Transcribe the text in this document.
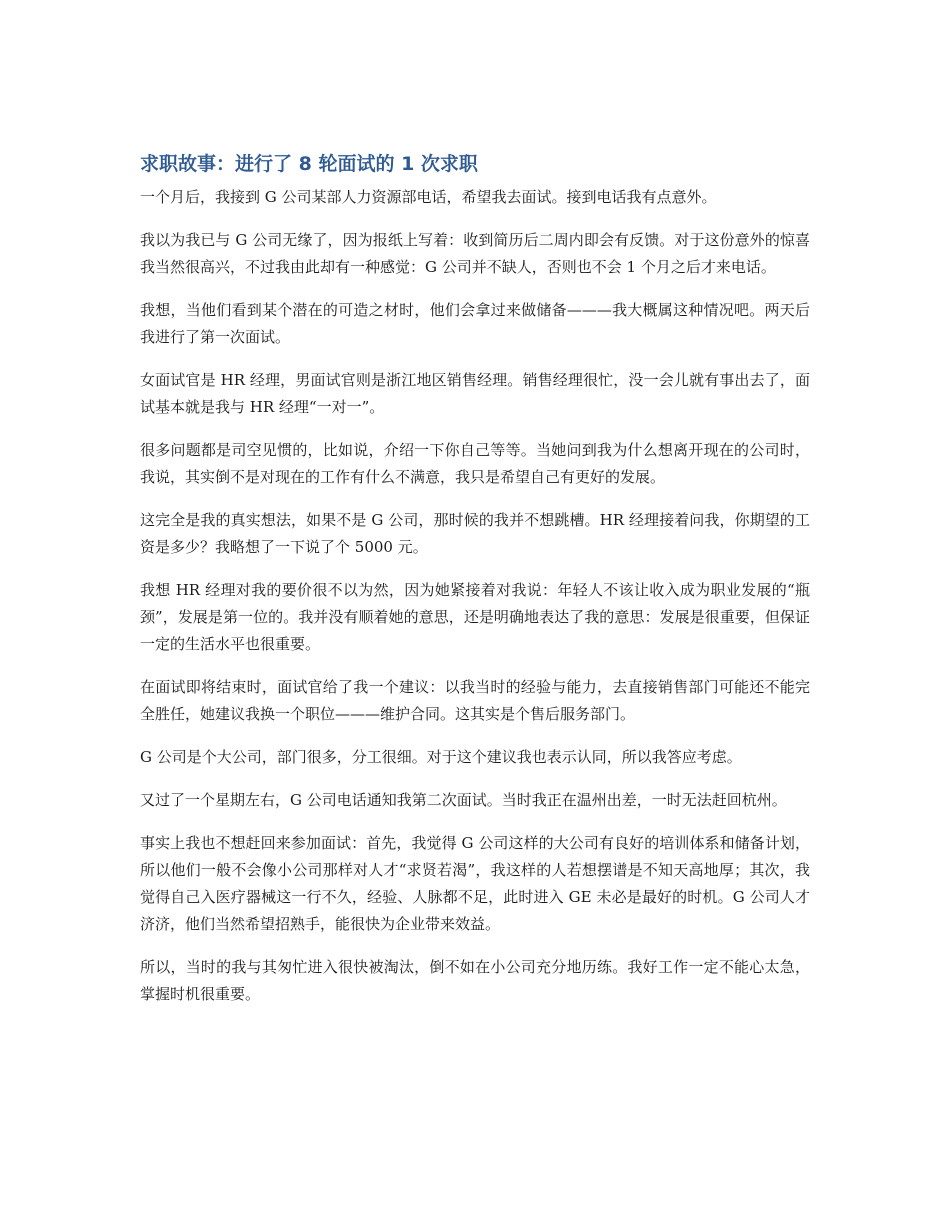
求职故事：进行了 8 轮面试的 1 次求职

一个月后，我接到 G 公司某部人力资源部电话，希望我去面试。接到电话我有点意外。

我以为我已与 G 公司无缘了，因为报纸上写着：收到简历后二周内即会有反馈。对于这份意外的惊喜我当然很高兴，不过我由此却有一种感觉：G 公司并不缺人，否则也不会 1 个月之后才来电话。

我想，当他们看到某个潜在的可造之材时，他们会拿过来做储备———我大概属这种情况吧。两天后我进行了第一次面试。

女面试官是 HR 经理，男面试官则是浙江地区销售经理。销售经理很忙，没一会儿就有事出去了，面试基本就是我与 HR 经理“一对一”。

很多问题都是司空见惯的，比如说，介绍一下你自己等等。当她问到我为什么想离开现在的公司时，我说，其实倒不是对现在的工作有什么不满意，我只是希望自己有更好的发展。

这完全是我的真实想法，如果不是 G 公司，那时候的我并不想跳槽。HR 经理接着问我，你期望的工资是多少？我略想了一下说了个 5000 元。

我想 HR 经理对我的要价很不以为然，因为她紧接着对我说：年轻人不该让收入成为职业发展的“瓶颈”，发展是第一位的。我并没有顺着她的意思，还是明确地表达了我的意思：发展是很重要，但保证一定的生活水平也很重要。

在面试即将结束时，面试官给了我一个建议：以我当时的经验与能力，去直接销售部门可能还不能完全胜任，她建议我换一个职位———维护合同。这其实是个售后服务部门。

G 公司是个大公司，部门很多，分工很细。对于这个建议我也表示认同，所以我答应考虑。

又过了一个星期左右，G 公司电话通知我第二次面试。当时我正在温州出差，一时无法赶回杭州。

事实上我也不想赶回来参加面试：首先，我觉得 G 公司这样的大公司有良好的培训体系和储备计划，所以他们一般不会像小公司那样对人才“求贤若渴”，我这样的人若想摆谱是不知天高地厚；其次，我觉得自己入医疗器械这一行不久，经验、人脉都不足，此时进入 GE 未必是最好的时机。G 公司人才济济，他们当然希望招熟手，能很快为企业带来效益。

所以，当时的我与其匆忙进入很快被淘汰，倒不如在小公司充分地历练。我好工作一定不能心太急，掌握时机很重要。
